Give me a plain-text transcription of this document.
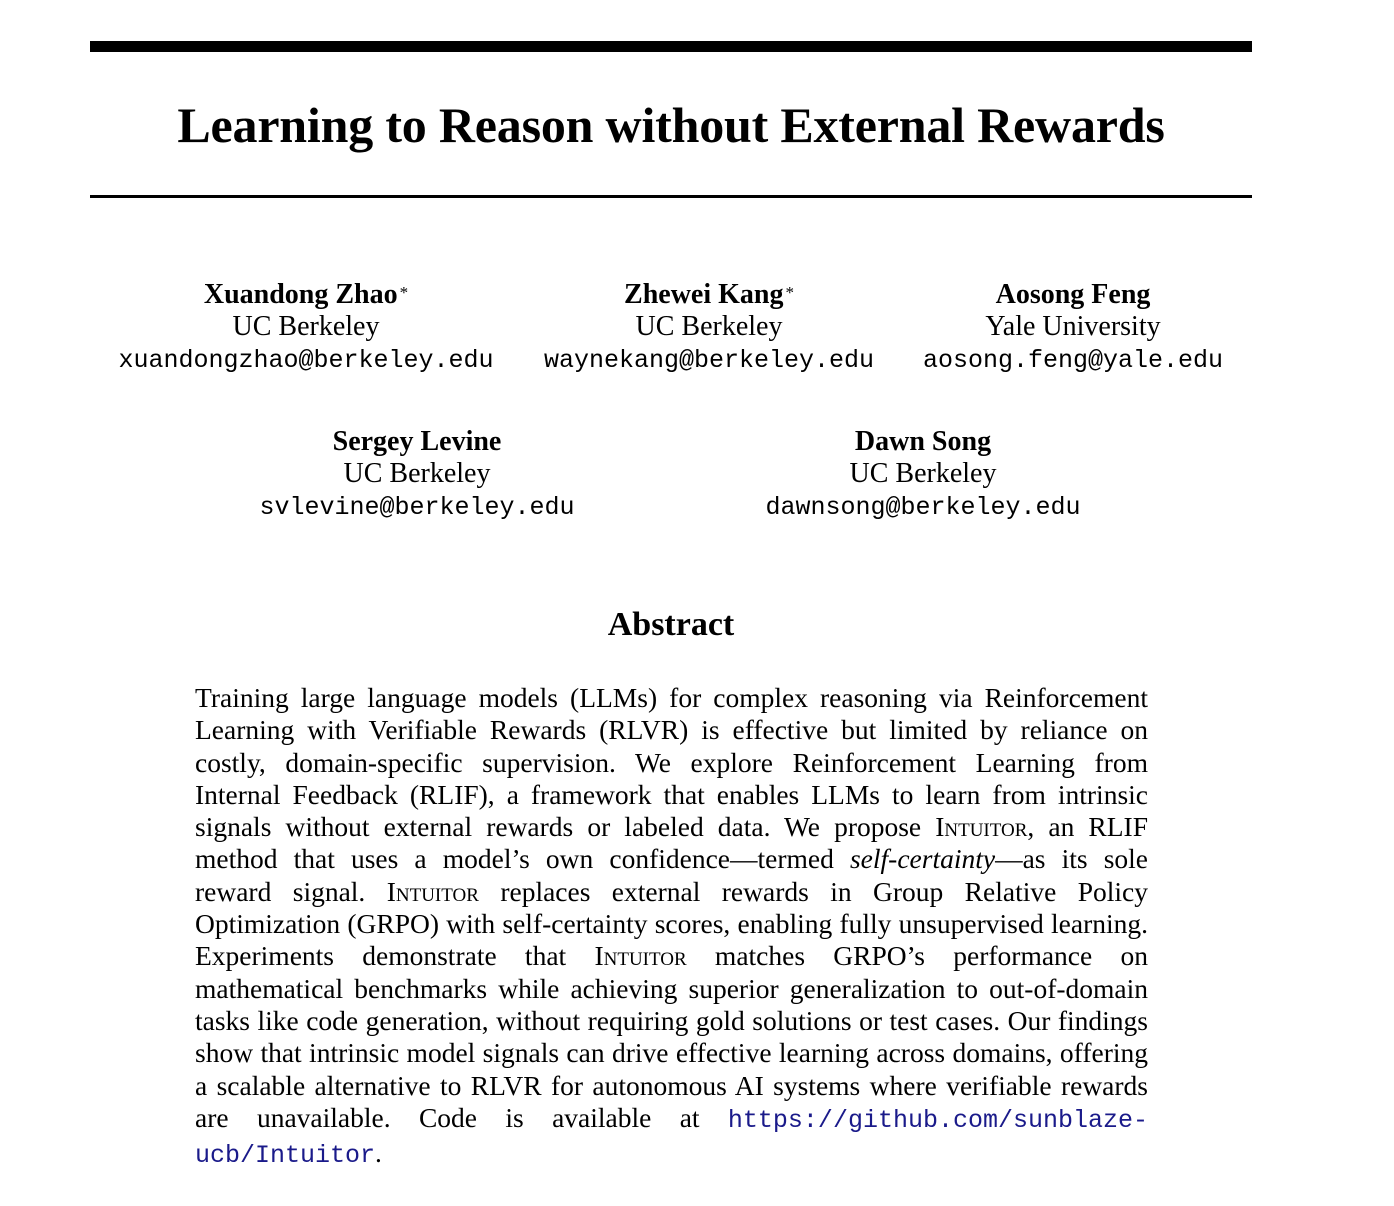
Learning to Reason without External Rewards
Xuandong Zhao *
UC Berkeley
xuandongzhao@berkeley.edu
Zhewei Kang *
UC Berkeley
waynekang@berkeley.edu
Aosong Feng
Yale University
aosong.feng@yale.edu
Sergey Levine
UC Berkeley
svlevine@berkeley.edu
Dawn Song
UC Berkeley
dawnsong@berkeley.edu
Abstract

Training large language models (LLMs) for complex reasoning via Reinforcement Learning with Verifiable Rewards (RLVR) is effective but limited by reliance on costly, domain-specific supervision. We explore Reinforcement Learning from Internal Feedback (RLIF), a framework that enables LLMs to learn from intrinsic signals without external rewards or labeled data. We propose Intuitor, an RLIF method that uses a model’s own confidence—termed self-certainty—as its sole reward signal. Intuitor replaces external rewards in Group Relative Policy Optimization (GRPO) with self-certainty scores, enabling fully unsupervised learning. Experiments demonstrate that Intuitor matches GRPO’s performance on mathematical benchmarks while achieving superior generalization to out-of-domain tasks like code generation, without requiring gold solutions or test cases. Our findings show that intrinsic model signals can drive effective learning across domains, offering a scalable alternative to RLVR for autonomous AI systems where verifiable rewards are unavailable. Code is available at https://github.com/sunblaze-ucb/Intuitor.
